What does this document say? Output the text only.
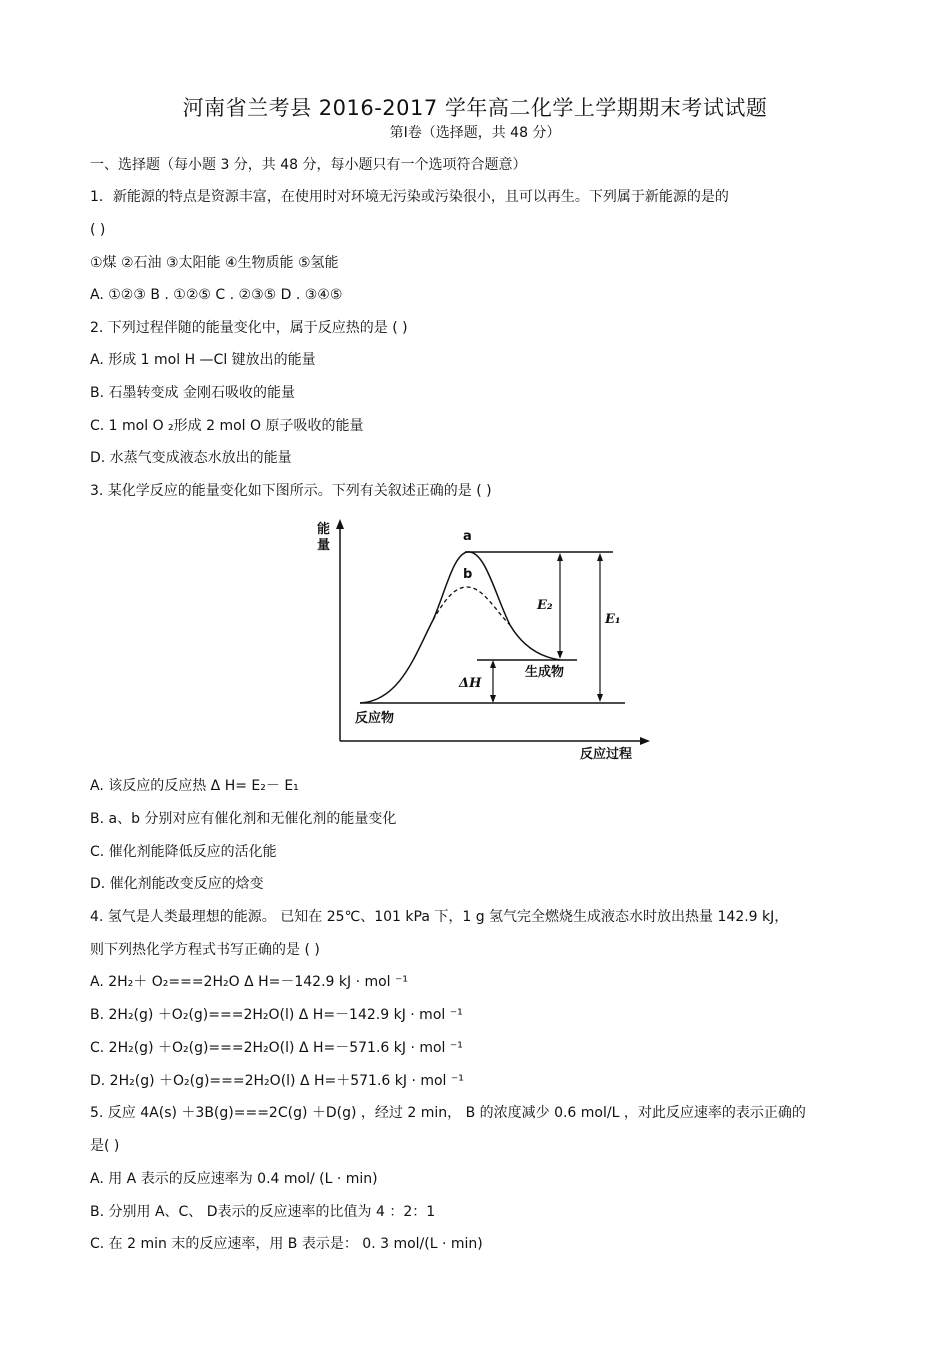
河南省兰考县 2016-2017 学年高二化学上学期期末考试试题
第Ⅰ卷（选择题，共 48 分）
一、选择题（每小题 3 分，共 48 分，每小题只有一个选项符合题意）
1．新能源的特点是资源丰富，在使用时对环境无污染或污染很小，且可以再生。下列属于新能源的是的
( )
①煤 ②石油 ③太阳能 ④生物质能 ⑤氢能
A. ①②③ B . ①②⑤ C . ②③⑤ D . ③④⑤
2. 下列过程伴随的能量变化中，属于反应热的是 ( )
A. 形成 1 mol H —Cl 键放出的能量
B. 石墨转变成 金刚石吸收的能量
C. 1 mol O ₂形成 2 mol O 原子吸收的能量
D. 水蒸气变成液态水放出的能量
3. 某化学反应的能量变化如下图所示。下列有关叙述正确的是 ( )
能
量
反应过程
反应物
生成物
a
b
E₂
E₁
ΔH
A. 该反应的反应热 Δ H= E₂－ E₁
B. a、b 分别对应有催化剂和无催化剂的能量变化
C. 催化剂能降低反应的活化能
D. 催化剂能改变反应的焓变
4. 氢气是人类最理想的能源。 已知在 25℃、101 kPa 下，1 g 氢气完全燃烧生成液态水时放出热量 142.9 kJ，
则下列热化学方程式书写正确的是 ( )
A. 2H₂＋ O₂===2H₂O Δ H=－142.9 kJ · mol ⁻¹
B. 2H₂(g) ＋O₂(g)===2H₂O(l) Δ H=－142.9 kJ · mol ⁻¹
C. 2H₂(g) ＋O₂(g)===2H₂O(l) Δ H=－571.6 kJ · mol ⁻¹
D. 2H₂(g) ＋O₂(g)===2H₂O(l) Δ H=＋571.6 kJ · mol ⁻¹
5. 反应 4A(s) ＋3B(g)===2C(g) ＋D(g) ，经过 2 min， B 的浓度减少 0.6 mol/L ，对此反应速率的表示正确的
是( )
A. 用 A 表示的反应速率为 0.4 mol/ (L · min)
B. 分别用 A、C、 D表示的反应速率的比值为 4 ：2：1
C. 在 2 min 末的反应速率，用 B 表示是： 0. 3 mol/(L · min)
